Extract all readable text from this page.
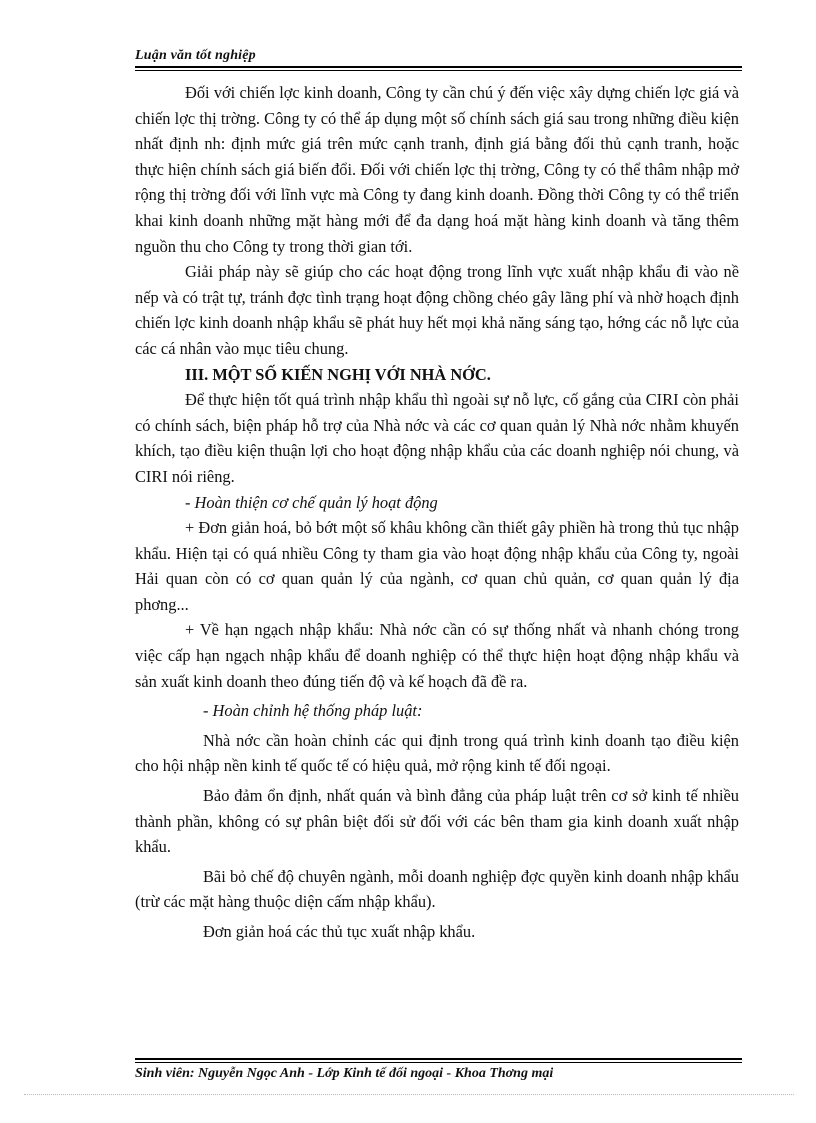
Luận văn tốt nghiệp

Đối với chiến lợc kinh doanh, Công ty cần chú ý đến việc xây dựng chiến lợc giá và chiến lợc thị trờng. Công ty có thể áp dụng một số chính sách giá sau trong những điều kiện nhất định nh: định mức giá trên mức cạnh tranh, định giá bằng đối thủ cạnh tranh, hoặc thực hiện chính sách giá biến đổi. Đối với chiến lợc thị trờng, Công ty có thể thâm nhập mở rộng thị trờng đối với lĩnh vực mà Công ty đang kinh doanh. Đồng thời Công ty có thể triển khai kinh doanh những mặt hàng mới để đa dạng hoá mặt hàng kinh doanh và tăng thêm nguồn thu cho Công ty trong thời gian tới.

Giải pháp này sẽ giúp cho các hoạt động trong lĩnh vực xuất nhập khẩu đi vào nề nếp và có trật tự, tránh đợc tình trạng hoạt động chồng chéo gây lãng phí và nhờ hoạch định chiến lợc kinh doanh nhập khẩu sẽ phát huy hết mọi khả năng sáng tạo, hớng các nỗ lực của các cá nhân vào mục tiêu chung.

III. MỘT SỐ KIẾN NGHỊ VỚI NHÀ NỚC.

Để thực hiện tốt quá trình nhập khẩu thì ngoài sự nỗ lực, cố gắng của CIRI còn phải có chính sách, biện pháp hỗ trợ của Nhà nớc và các cơ quan quản lý Nhà nớc nhằm khuyến khích, tạo điều kiện thuận lợi cho hoạt động nhập khẩu của các doanh nghiệp nói chung, và CIRI nói riêng.

- Hoàn thiện cơ chế quản lý hoạt động

+ Đơn giản hoá, bỏ bớt một số khâu không cần thiết gây phiền hà trong thủ tục nhập khẩu. Hiện tại có quá nhiều Công ty tham gia vào hoạt động nhập khẩu của Công ty, ngoài Hải quan còn có cơ quan quản lý của ngành, cơ quan chủ quản, cơ quan quản lý địa phơng...

+ Về hạn ngạch nhập khẩu: Nhà nớc cần có sự thống nhất và nhanh chóng trong việc cấp hạn ngạch nhập khẩu để doanh nghiệp có thể thực hiện hoạt động nhập khẩu và sản xuất kinh doanh theo đúng tiến độ và kế hoạch đã đề ra.

- Hoàn chỉnh hệ thống pháp luật:

Nhà nớc cần hoàn chỉnh các qui định trong quá trình kinh doanh tạo điều kiện cho hội nhập nền kinh tế quốc tế có hiệu quả, mở rộng kinh tế đối ngoại.

Bảo đảm ổn định, nhất quán và bình đẳng của pháp luật trên cơ sở kinh tế nhiều thành phần, không có sự phân biệt đối sử đối với các bên tham gia kinh doanh xuất nhập khẩu.

Bãi bỏ chế độ chuyên ngành, mỗi doanh nghiệp đợc quyền kinh doanh nhập khẩu (trừ các mặt hàng thuộc diện cấm nhập khẩu).

Đơn giản hoá các thủ tục xuất nhập khẩu.

Sinh viên: Nguyễn Ngọc Anh - Lớp Kinh tế đối ngoại - Khoa Thơng mại
